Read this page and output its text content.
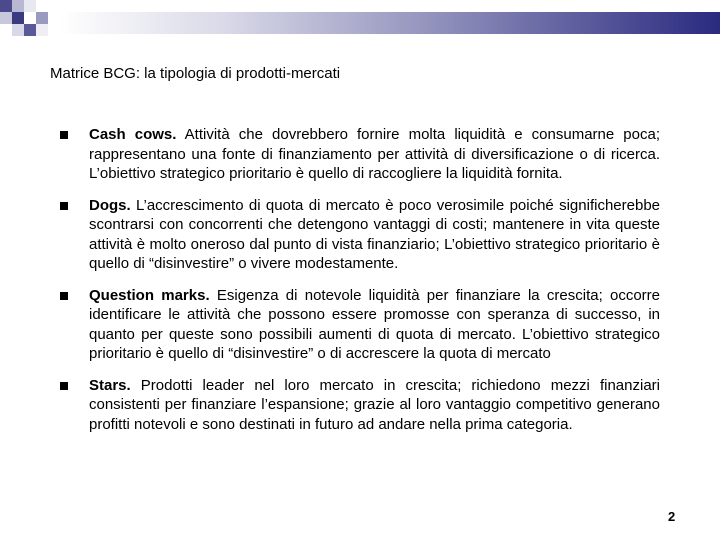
Matrice BCG: la tipologia di prodotti-mercati
Cash cows. Attività che dovrebbero fornire molta liquidità e consumarne poca; rappresentano una fonte di finanziamento per attività di diversificazione o di ricerca. L’obiettivo strategico prioritario è quello di raccogliere la liquidità fornita.
Dogs. L’accrescimento di quota di mercato è poco verosimile poiché significherebbe scontrarsi con concorrenti che detengono vantaggi di costi; mantenere in vita queste attività è molto oneroso dal punto di vista finanziario; L’obiettivo strategico prioritario è quello di “disinvestire” o vivere modestamente.
Question marks. Esigenza di notevole liquidità per finanziare la crescita; occorre identificare le attività che possono essere promosse con speranza di successo, in quanto per queste sono possibili aumenti di quota di mercato. L’obiettivo strategico prioritario è quello di “disinvestire” o di accrescere la quota di mercato
Stars. Prodotti leader nel loro mercato in crescita; richiedono mezzi finanziari consistenti per finanziare l’espansione; grazie al loro vantaggio competitivo generano profitti notevoli e sono destinati in futuro ad andare nella prima categoria.
2
